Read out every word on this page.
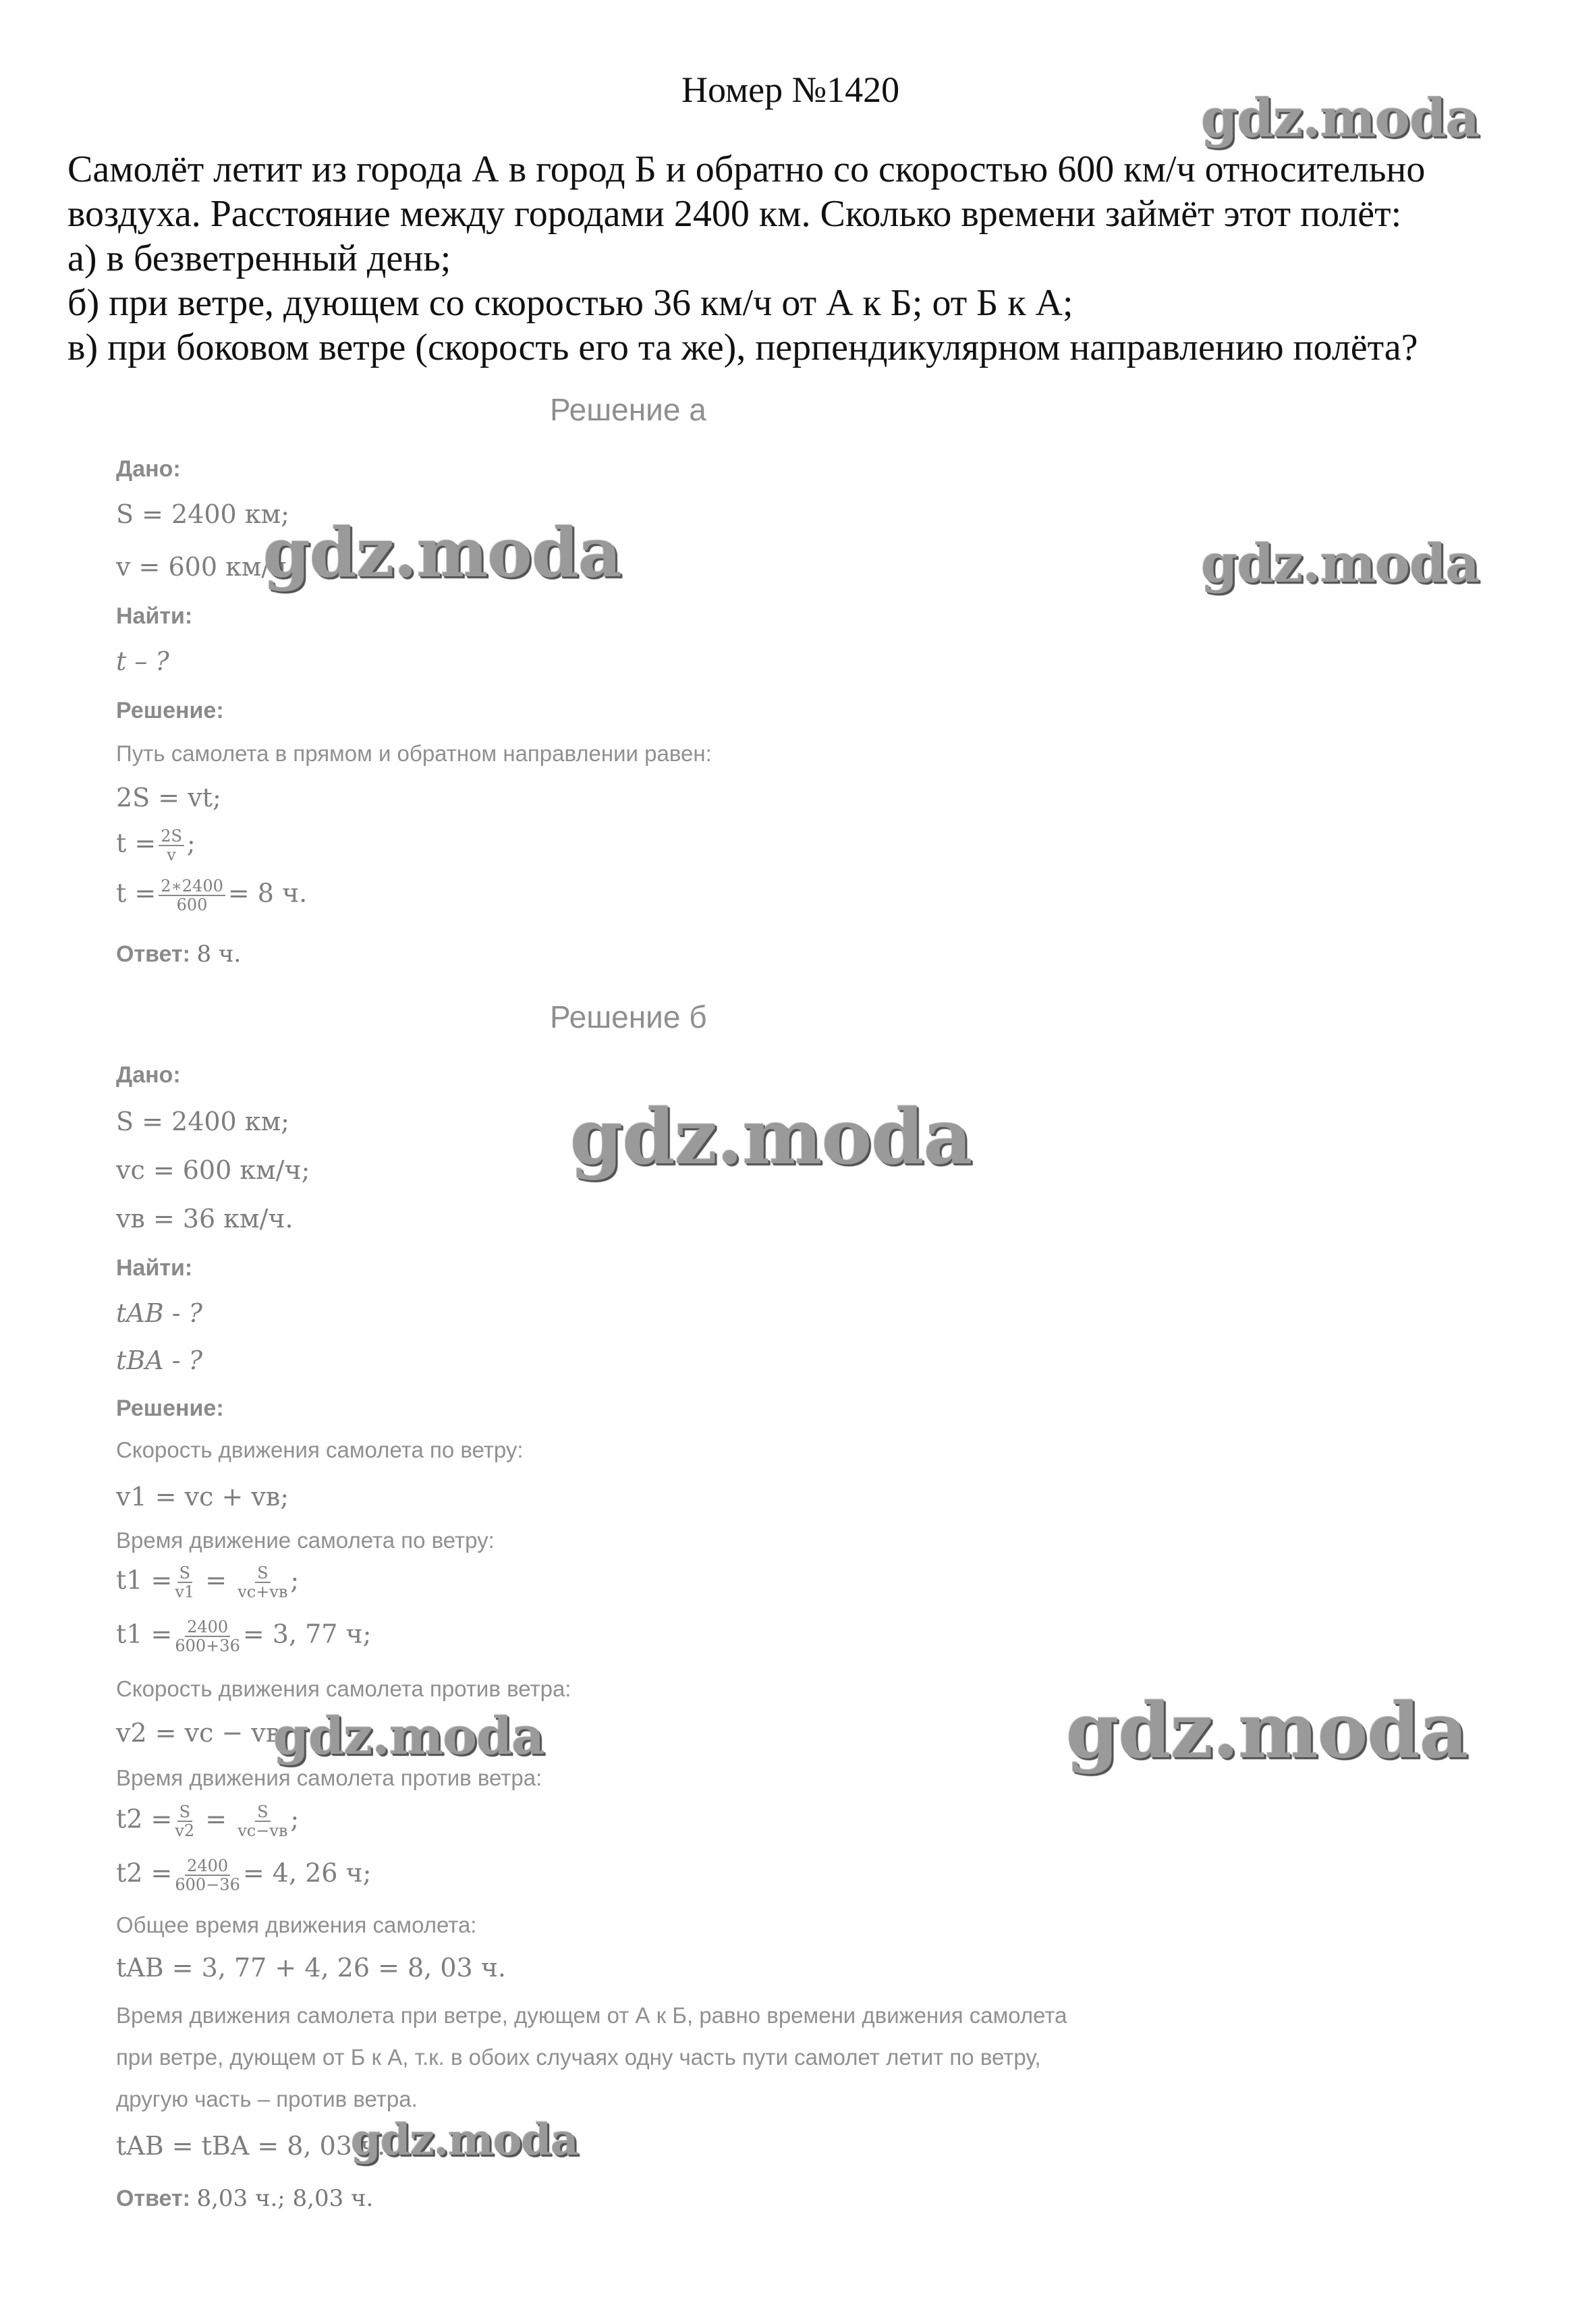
Номер №1420
Самолёт летит из города А в город Б и обратно со скоростью 600 км/ч относительно
воздуха. Расстояние между городами 2400 км. Сколько времени займёт этот полёт:
а) в безветренный день;
б) при ветре, дующем со скоростью 36 км/ч от А к Б; от Б к А;
в) при боковом ветре (скорость его та же), перпендикулярном направлению полёта?
Решение а
Дано:
S = 2400 км;
v = 600 км/ч.
Найти:
t – ?
Решение:
Путь самолета в прямом и обратном направлении равен:
2S = vt;
$t = \frac{2S}{v}$ ;
$t = \frac{2∗2400}{600} = 8$ ч.
Ответ: 8 ч.
Решение б
Дано:
S = 2400 км;
vс = 600 км/ч;
vв = 36 км/ч.
Найти:
tAB - ?
tBA - ?
Решение:
Скорость движения самолета по ветру:
v1 = vс + vв;
Время движение самолета по ветру:
$t1 = \frac{S}{v1} = \frac{S}{vс+vв}$ ;
$t1 = \frac{2400}{600+36} = 3$, 77 ч;
Скорость движения самолета против ветра:
v2 = vс − vв;
Время движения самолета против ветра:
$t2 = \frac{S}{v2} = \frac{S}{vс-vв}$ ;
$t2 = \frac{2400}{600-36} = 4$, 26 ч;
Общее время движения самолета:
tAB = 3, 77 + 4, 26 = 8, 03 ч.
Время движения самолета при ветре, дующем от А к Б, равно времени движения самолета
при ветре, дующем от Б к А, т.к. в обоих случаях одну часть пути самолет летит по ветру,
другую часть – против ветра.
tAB = tBA = 8, 03 ч.
Ответ: 8,03 ч.; 8,03 ч.
gdz.moda
gdz.moda	gdz.moda
gdz.moda
gdz.moda
gdz.moda
gdz.moda
